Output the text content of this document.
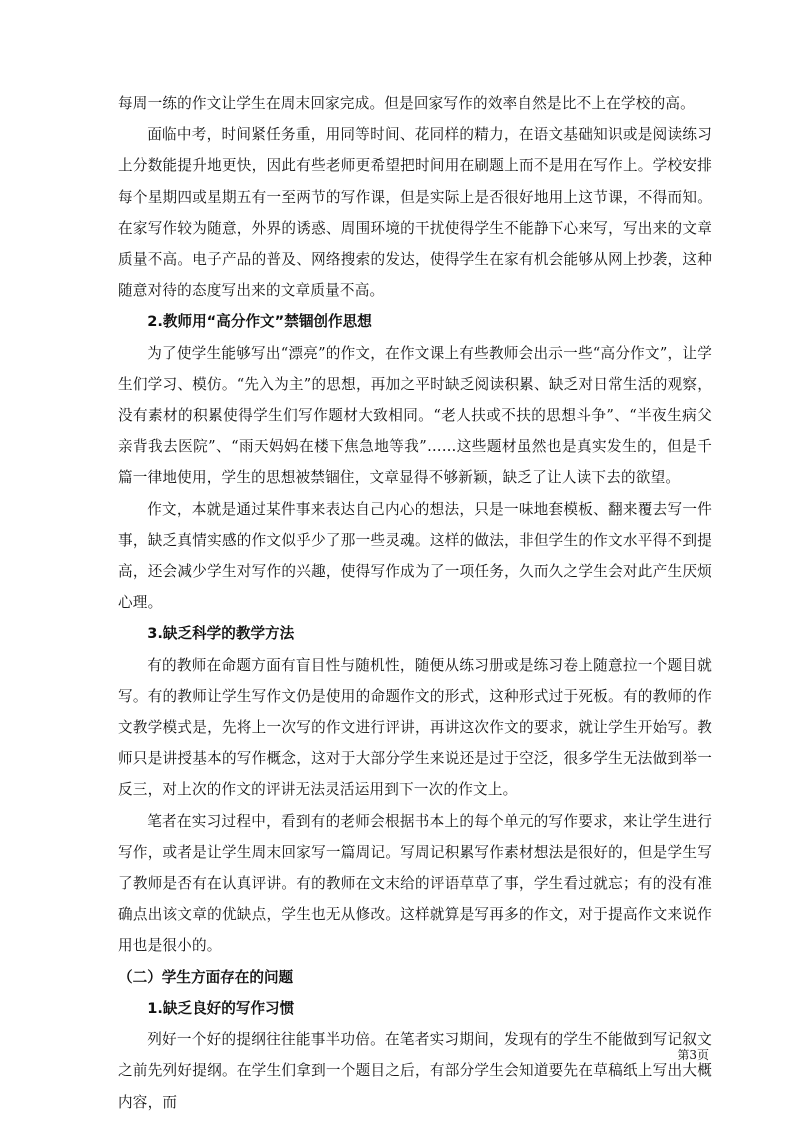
每周一练的作文让学生在周末回家完成。但是回家写作的效率自然是比不上在学校的高。

面临中考，时间紧任务重，用同等时间、花同样的精力，在语文基础知识或是阅读练习上分数能提升地更快，因此有些老师更希望把时间用在刷题上而不是用在写作上。学校安排每个星期四或星期五有一至两节的写作课，但是实际上是否很好地用上这节课，不得而知。在家写作较为随意，外界的诱惑、周围环境的干扰使得学生不能静下心来写，写出来的文章质量不高。电子产品的普及、网络搜索的发达，使得学生在家有机会能够从网上抄袭，这种随意对待的态度写出来的文章质量不高。

2.教师用“高分作文”禁锢创作思想

为了使学生能够写出“漂亮”的作文，在作文课上有些教师会出示一些“高分作文”，让学生们学习、模仿。“先入为主”的思想，再加之平时缺乏阅读积累、缺乏对日常生活的观察，没有素材的积累使得学生们写作题材大致相同。“老人扶或不扶的思想斗争”、“半夜生病父亲背我去医院”、“雨天妈妈在楼下焦急地等我”……这些题材虽然也是真实发生的，但是千篇一律地使用，学生的思想被禁锢住，文章显得不够新颖，缺乏了让人读下去的欲望。

作文，本就是通过某件事来表达自己内心的想法，只是一味地套模板、翻来覆去写一件事，缺乏真情实感的作文似乎少了那一些灵魂。这样的做法，非但学生的作文水平得不到提高，还会减少学生对写作的兴趣，使得写作成为了一项任务，久而久之学生会对此产生厌烦心理。

3.缺乏科学的教学方法

有的教师在命题方面有盲目性与随机性，随便从练习册或是练习卷上随意拉一个题目就写。有的教师让学生写作文仍是使用的命题作文的形式，这种形式过于死板。有的教师的作文教学模式是，先将上一次写的作文进行评讲，再讲这次作文的要求，就让学生开始写。教师只是讲授基本的写作概念，这对于大部分学生来说还是过于空泛，很多学生无法做到举一反三，对上次的作文的评讲无法灵活运用到下一次的作文上。

笔者在实习过程中，看到有的老师会根据书本上的每个单元的写作要求，来让学生进行写作，或者是让学生周末回家写一篇周记。写周记积累写作素材想法是很好的，但是学生写了教师是否有在认真评讲。有的教师在文末给的评语草草了事，学生看过就忘；有的没有准确点出该文章的优缺点，学生也无从修改。这样就算是写再多的作文，对于提高作文来说作用也是很小的。

（二）学生方面存在的问题

1.缺乏良好的写作习惯

列好一个好的提纲往往能事半功倍。在笔者实习期间，发现有的学生不能做到写记叙文之前先列好提纲。在学生们拿到一个题目之后，有部分学生会知道要先在草稿纸上写出大概内容，而

第3页
